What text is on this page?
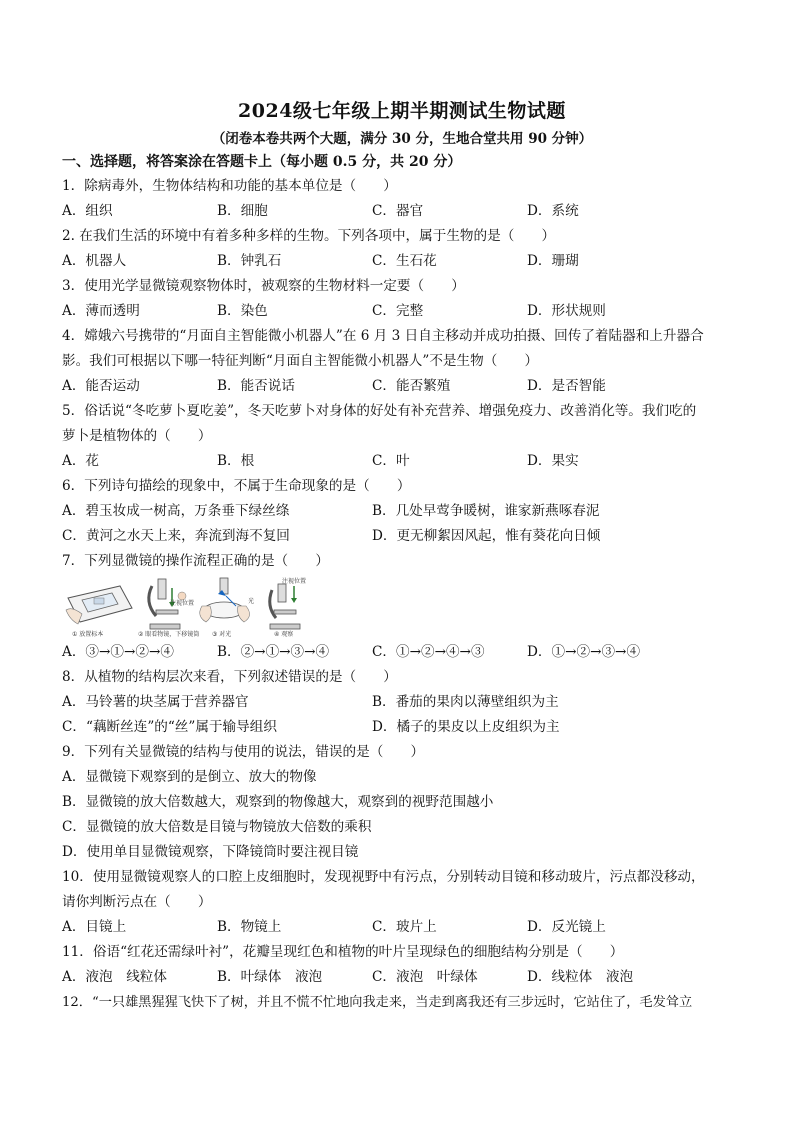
2024级七年级上期半期测试生物试题
（闭卷本卷共两个大题，满分 30 分，生地合堂共用 90 分钟）
一、选择题，将答案涂在答题卡上（每小题 0.5 分，共 20 分）
1．除病毒外，生物体结构和功能的基本单位是（　　）
A．组织	B．细胞	C．器官	D．系统
2. 在我们生活的环境中有着多种多样的生物。下列各项中，属于生物的是（　　）
A．机器人	B．钟乳石	C．生石花	D．珊瑚
3．使用光学显微镜观察物体时，被观察的生物材料一定要（　　）
A．薄而透明	B．染色	C．完整	D．形状规则
4．嫦娥六号携带的“月面自主智能微小机器人”在 6 月 3 日自主移动并成功拍摄、回传了着陆器和上升器合
影。我们可根据以下哪一特征判断“月面自主智能微小机器人”不是生物（　　）
A．能否运动	B．能否说话	C．能否繁殖	D．是否智能
5．俗话说“冬吃萝卜夏吃姜”，冬天吃萝卜对身体的好处有补充营养、增强免疫力、改善消化等。我们吃的
萝卜是植物体的（　　）
A．花	B．根	C．叶	D．果实
6．下列诗句描绘的现象中，不属于生命现象的是（　　）
A．碧玉妆成一树高，万条垂下绿丝绦	B．几处早莺争暖树，谁家新燕啄春泥
C．黄河之水天上来，奔流到海不复回	D．更无柳絮因风起，惟有葵花向日倾
7．下列显微镜的操作流程正确的是（　　）
① 放置标本	② 眼看物镜，下移镜筒 ③ 对光	④ 观察
注视位置	光
注视位置
A．③→①→②→④	B．②→①→③→④	C．①→②→④→③	D．①→②→③→④
8．从植物的结构层次来看，下列叙述错误的是（　　）
A．马铃薯的块茎属于营养器官	B．番茄的果肉以薄壁组织为主
C．“藕断丝连”的“丝”属于输导组织	D．橘子的果皮以上皮组织为主
9．下列有关显微镜的结构与使用的说法，错误的是（　　）
A．显微镜下观察到的是倒立、放大的物像
B．显微镜的放大倍数越大，观察到的物像越大，观察到的视野范围越小
C．显微镜的放大倍数是目镜与物镜放大倍数的乘积
D．使用单目显微镜观察，下降镜筒时要注视目镜
10．使用显微镜观察人的口腔上皮细胞时，发现视野中有污点，分别转动目镜和移动玻片，污点都没移动，
请你判断污点在（　　）
A．目镜上	B．物镜上	C．玻片上	D．反光镜上
11．俗语“红花还需绿叶衬”，花瓣呈现红色和植物的叶片呈现绿色的细胞结构分别是（　　）
A．液泡　线粒体	B．叶绿体　液泡	C．液泡　叶绿体	D．线粒体　液泡
12．“一只雄黑猩猩飞快下了树，并且不慌不忙地向我走来，当走到离我还有三步远时，它站住了，毛发耸立
